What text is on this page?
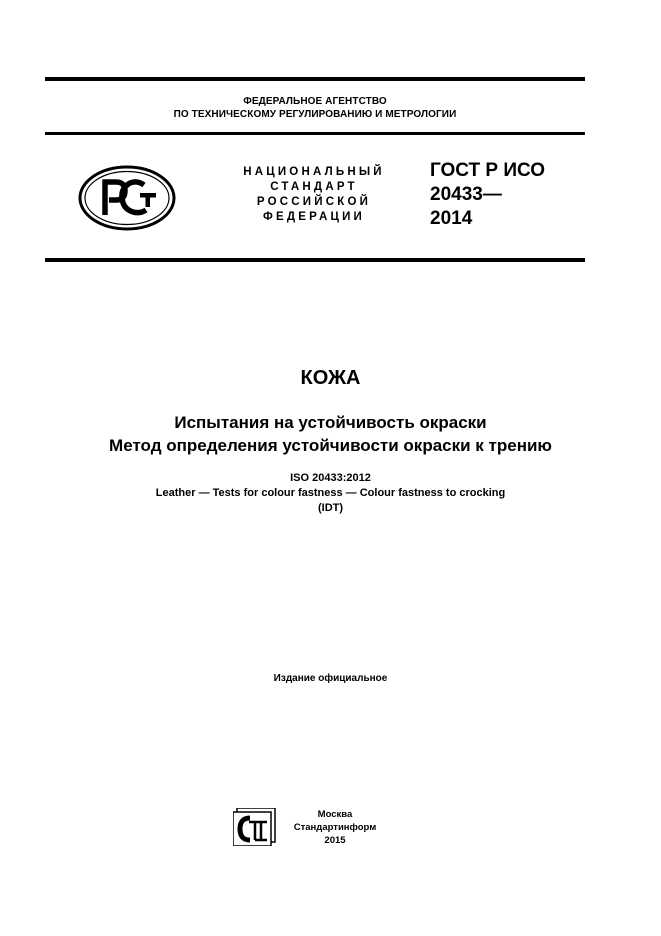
ФЕДЕРАЛЬНОЕ АГЕНТСТВО
ПО ТЕХНИЧЕСКОМУ РЕГУЛИРОВАНИЮ И МЕТРОЛОГИИ
НАЦИОНАЛЬНЫЙ
СТАНДАРТ
РОССИЙСКОЙ
ФЕДЕРАЦИИ
ГОСТ Р ИСО
20433—
2014
КОЖА
Испытания на устойчивость окраски
Метод определения устойчивости окраски к трению
ISO 20433:2012
Leather — Tests for colour fastness — Colour fastness to crocking
(IDT)
Издание официальное
Москва
Стандартинформ
2015
